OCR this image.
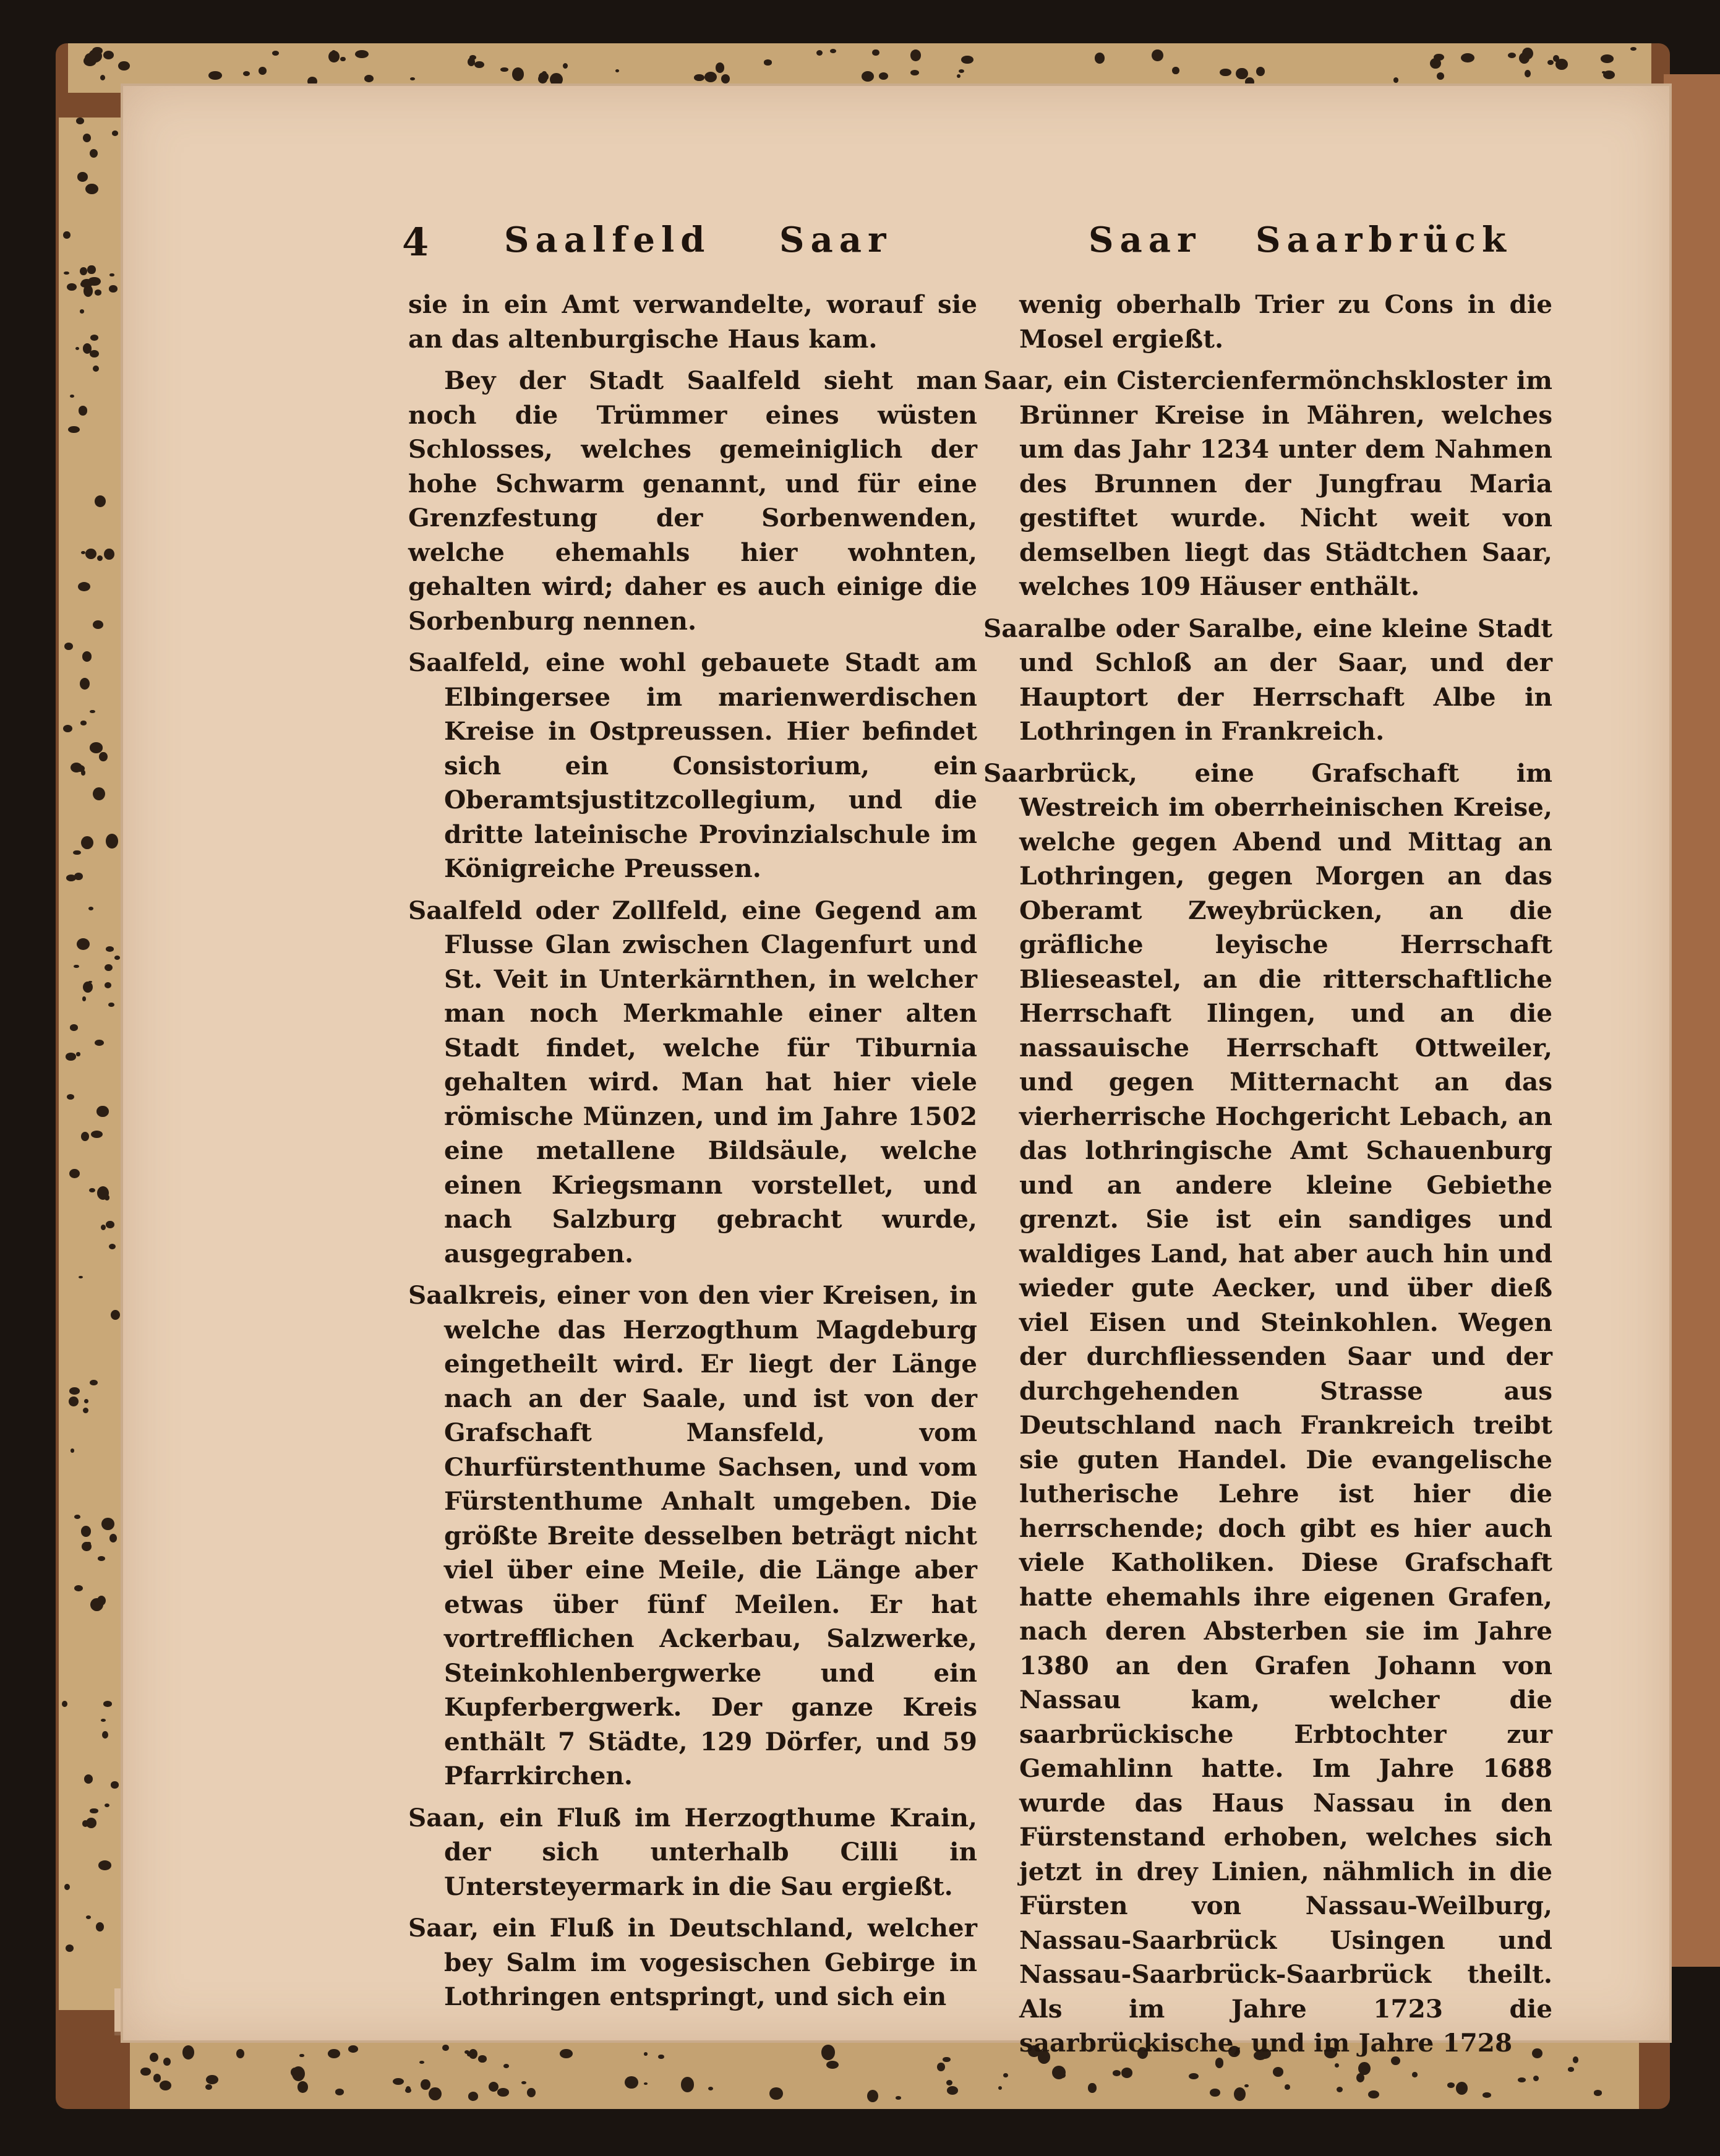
4 Saalfeld Saar	Saar Saarbrück

sie in ein Amt verwandelte, worauf sie an das altenburgische Haus kam.

Bey der Stadt Saalfeld sieht man noch die Trümmer eines wüsten Schlosses, welches gemeiniglich der hohe Schwarm genannt, und für eine Grenzfestung der Sorbenwenden, welche ehemahls hier wohnten, gehalten wird; daher es auch einige die Sorbenburg nennen.

Saalfeld, eine wohl gebauete Stadt am Elbingersee im marienwerdischen Kreise in Ostpreussen. Hier befindet sich ein Consistorium, ein Oberamtsjustitzcollegium, und die dritte lateinische Provinzialschule im Königreiche Preussen.

Saalfeld oder Zollfeld, eine Gegend am Flusse Glan zwischen Clagenfurt und St. Veit in Unterkärnthen, in welcher man noch Merkmahle einer alten Stadt findet, welche für Tiburnia gehalten wird. Man hat hier viele römische Münzen, und im Jahre 1502 eine metallene Bildsäule, welche einen Kriegsmann vorstellet, und nach Salzburg gebracht wurde, ausgegraben.

Saalkreis, einer von den vier Kreisen, in welche das Herzogthum Magdeburg eingetheilt wird. Er liegt der Länge nach an der Saale, und ist von der Grafschaft Mansfeld, vom Churfürstenthume Sachsen, und vom Fürstenthume Anhalt umgeben. Die größte Breite desselben beträgt nicht viel über eine Meile, die Länge aber etwas über fünf Meilen. Er hat vortrefflichen Ackerbau, Salzwerke, Steinkohlenbergwerke und ein Kupferbergwerk. Der ganze Kreis enthält 7 Städte, 129 Dörfer, und 59 Pfarrkirchen.

Saan, ein Fluß im Herzogthume Krain, der sich unterhalb Cilli in Untersteyermark in die Sau ergießt.

Saar, ein Fluß in Deutschland, welcher bey Salm im vogesischen Gebirge in Lothringen entspringt, und sich ein

wenig oberhalb Trier zu Cons in die Mosel ergießt.

Saar, ein Cistercienfermönchskloster im Brünner Kreise in Mähren, welches um das Jahr 1234 unter dem Nahmen des Brunnen der Jungfrau Maria gestiftet wurde. Nicht weit von demselben liegt das Städtchen Saar, welches 109 Häuser enthält.

Saaralbe oder Saralbe, eine kleine Stadt und Schloß an der Saar, und der Hauptort der Herrschaft Albe in Lothringen in Frankreich.

Saarbrück, eine Grafschaft im Westreich im oberrheinischen Kreise, welche gegen Abend und Mittag an Lothringen, gegen Morgen an das Oberamt Zweybrücken, an die gräfliche leyische Herrschaft Blieseastel, an die ritterschaftliche Herrschaft Ilingen, und an die nassauische Herrschaft Ottweiler, und gegen Mitternacht an das vierherrische Hochgericht Lebach, an das lothringische Amt Schauenburg und an andere kleine Gebiethe grenzt. Sie ist ein sandiges und waldiges Land, hat aber auch hin und wieder gute Aecker, und über dieß viel Eisen und Steinkohlen. Wegen der durchfliessenden Saar und der durchgehenden Strasse aus Deutschland nach Frankreich treibt sie guten Handel. Die evangelische lutherische Lehre ist hier die herrschende; doch gibt es hier auch viele Katholiken. Diese Grafschaft hatte ehemahls ihre eigenen Grafen, nach deren Absterben sie im Jahre 1380 an den Grafen Johann von Nassau kam, welcher die saarbrückische Erbtochter zur Gemahlinn hatte. Im Jahre 1688 wurde das Haus Nassau in den Fürstenstand erhoben, welches sich jetzt in drey Linien, nähmlich in die Fürsten von Nassau-Weilburg, Nassau-Saarbrück Usingen und Nassau-Saarbrück-Saarbrück theilt. Als im Jahre 1723 die saarbrückische, und im Jahre 1728
